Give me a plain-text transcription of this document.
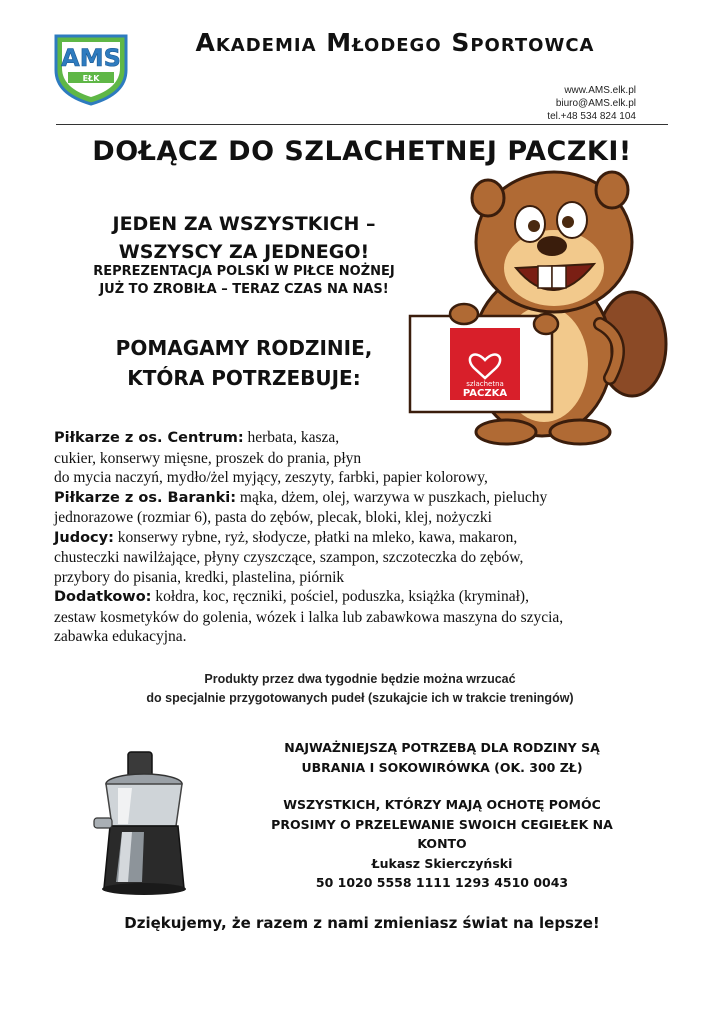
AMS
EŁK
Akademia Młodego Sportowca
www.AMS.elk.pl
biuro@AMS.elk.pl
tel.+48 534 824 104
DOŁĄCZ DO SZLACHETNEJ PACZKI!
JEDEN ZA WSZYSTKICH –
WSZYSCY ZA JEDNEGO!
REPREZENTACJA POLSKI W PIŁCE NOŻNEJ
JUŻ TO ZROBIŁA – TERAZ CZAS NA NAS!
POMAGAMY RODZINIE,
KTÓRA POTRZEBUJE:	szlachetna
PACZKA

Piłkarze z os. Centrum: herbata, kasza,
cukier, konserwy mięsne, proszek do prania, płyn
do mycia naczyń, mydło/żel myjący, zeszyty, farbki, papier kolorowy,

Piłkarze z os. Baranki: mąka, dżem, olej, warzywa w puszkach, pieluchy
jednorazowe (rozmiar 6), pasta do zębów, plecak, bloki, klej, nożyczki

Judocy: konserwy rybne, ryż, słodycze, płatki na mleko, kawa, makaron,
chusteczki nawilżające, płyny czyszczące, szampon, szczoteczka do zębów,
przybory do pisania, kredki, plastelina, piórnik

Dodatkowo: kołdra, koc, ręczniki, pościel, poduszka, książka (kryminał),
zestaw kosmetyków do golenia, wózek i lalka lub zabawkowa maszyna do szycia,
zabawka edukacyjna.

Produkty przez dwa tygodnie będzie można wrzucać
do specjalnie przygotowanych pudeł (szukajcie ich w trakcie treningów)

NAJWAŻNIEJSZĄ POTRZEBĄ DLA RODZINY SĄ

UBRANIA I SOKOWIRÓWKA (OK. 300 ZŁ)

WSZYSTKICH, KTÓRZY MAJĄ OCHOTĘ POMÓC

PROSIMY O PRZELEWANIE SWOICH CEGIEŁEK NA

KONTO

Łukasz Skierczyński

50 1020 5558 1111 1293 4510 0043

Dziękujemy, że razem z nami zmieniasz świat na lepsze!
